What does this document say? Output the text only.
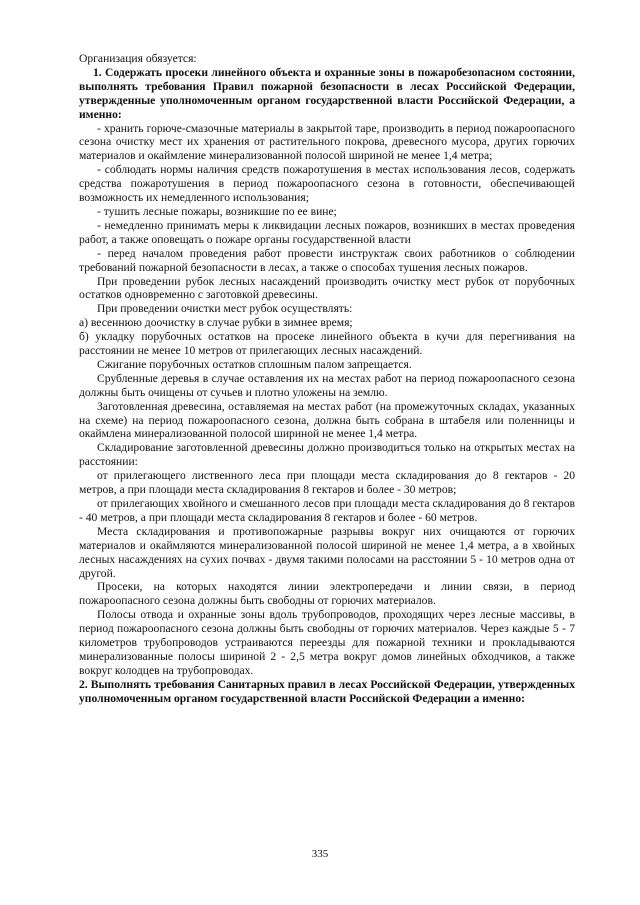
Организация обязуется:

1. Содержать просеки линейного объекта и охранные зоны в пожаробезопасном состоянии, выполнять требования Правил пожарной безопасности в лесах Российской Федерации, утвержденные уполномоченным органом государственной власти Российской Федерации, а именно:

- хранить горюче-смазочные материалы в закрытой таре, производить в период пожароопасного сезона очистку мест их хранения от растительного покрова, древесного мусора, других горючих материалов и окаймление минерализованной полосой шириной не менее 1,4 метра;

- соблюдать нормы наличия средств пожаротушения в местах использования лесов, содержать средства пожаротушения в период пожароопасного сезона в готовности, обеспечивающей возможность их немедленного использования;

- тушить лесные пожары, возникшие по ее вине;

- немедленно принимать меры к ликвидации лесных пожаров, возникших в местах проведения работ, а также оповещать о пожаре органы государственной власти

- перед началом проведения работ провести инструктаж своих работников о соблюдении требований пожарной безопасности в лесах, а также о способах тушения лесных пожаров.

При проведении рубок лесных насаждений производить очистку мест рубок от порубочных остатков одновременно с заготовкой древесины.

При проведении очистки мест рубок осуществлять:

а) весеннюю доочистку в случае рубки в зимнее время;

б) укладку порубочных остатков на просеке линейного объекта в кучи для перегнивания на расстоянии не менее 10 метров от прилегающих лесных насаждений.

Сжигание порубочных остатков сплошным палом запрещается.

Срубленные деревья в случае оставления их на местах работ на период пожароопасного сезона должны быть очищены от сучьев и плотно уложены на землю.

Заготовленная древесина, оставляемая на местах работ (на промежуточных складах, указанных на схеме) на период пожароопасного сезона, должна быть собрана в штабеля или поленницы и окаймлена минерализованной полосой шириной не менее 1,4 метра.

Складирование заготовленной древесины должно производиться только на открытых местах на расстоянии:

от прилегающего лиственного леса при площади места складирования до 8 гектаров - 20 метров, а при площади места складирования 8 гектаров и более - 30 метров;

от прилегающих хвойного и смешанного лесов при площади места складирования до 8 гектаров - 40 метров, а при площади места складирования 8 гектаров и более - 60 метров.

Места складирования и противопожарные разрывы вокруг них очищаются от горючих материалов и окаймляются минерализованной полосой шириной не менее 1,4 метра, а в хвойных лесных насаждениях на сухих почвах - двумя такими полосами на расстоянии 5 - 10 метров одна от другой.

Просеки, на которых находятся линии электропередачи и линии связи, в период пожароопасного сезона должны быть свободны от горючих материалов.

Полосы отвода и охранные зоны вдоль трубопроводов, проходящих через лесные массивы, в период пожароопасного сезона должны быть свободны от горючих материалов. Через каждые 5 - 7 километров трубопроводов устраиваются переезды для пожарной техники и прокладываются минерализованные полосы шириной 2 - 2,5 метра вокруг домов линейных обходчиков, а также вокруг колодцев на трубопроводах.

2. Выполнять требования Санитарных правил в лесах Российской Федерации, утвержденных уполномоченным органом государственной власти Российской Федерации а именно:

335
